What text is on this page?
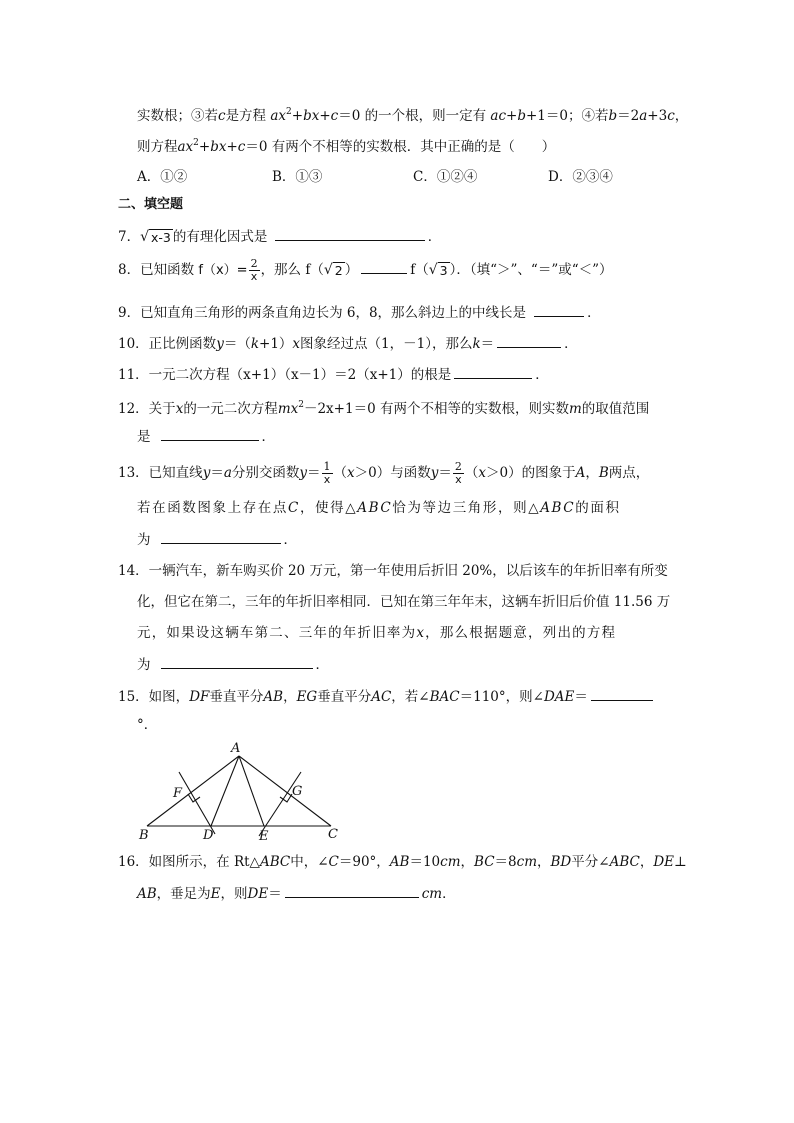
实数根；③若c是方程 $ax^2+bx+c=0$ 的一个根，则一定有 ac+b+1＝0；④若b＝2a+3c，
则方程$ax^2+bx+c=0$ 有两个不相等的实数根．其中正确的是（　　）
A．①②	B．①③	C．①②④	D．②③④
二、填空题
7． √ x-3 的有理化因式是	．
8．已知函数 $f(x)= \frac{2}{x}$ ，那么 f（ √ 2 ）	f（ √ 3 ）．（填“＞”、“＝”或“＜”）
9．已知直角三角形的两条直角边长为 6，8，那么斜边上的中线长是	．
10．正比例函数y＝（k+1）x图象经过点（1，－1），那么k＝	．
11．一元二次方程（x+1）（x－1）＝2（x+1）的根是	．
12．关于x的一元二次方程$mx^2-2x+1=0$ 有两个不相等的实数根，则实数m的取值范围
是	．
13．已知直线y＝a分别交函数$y= \frac{1}{x} (x>0)$与函数$y= \frac{2}{x} (x>0)$的图象于A，B两点，
若在函数图象上存在点C，使得△ABC恰为等边三角形，则△ABC的面积
为	．
14．一辆汽车，新车购买价 20 万元，第一年使用后折旧 20%，以后该车的年折旧率有所变
化，但它在第二，三年的年折旧率相同．已知在第三年年末，这辆车折旧后价值 11.56 万
元，如果设这辆车第二、三年的年折旧率为x，那么根据题意，列出的方程
为	．
15．如图，DF垂直平分AB，EG垂直平分AC，若∠BAC＝110°，则∠DAE＝
°．
A
B	C
D	E
F	G
16．如图所示，在 Rt△ABC中，∠C＝90°，AB＝10cm，BC＝8cm，BD平分∠ABC，DE⊥
AB，垂足为E，则DE＝	cm．
